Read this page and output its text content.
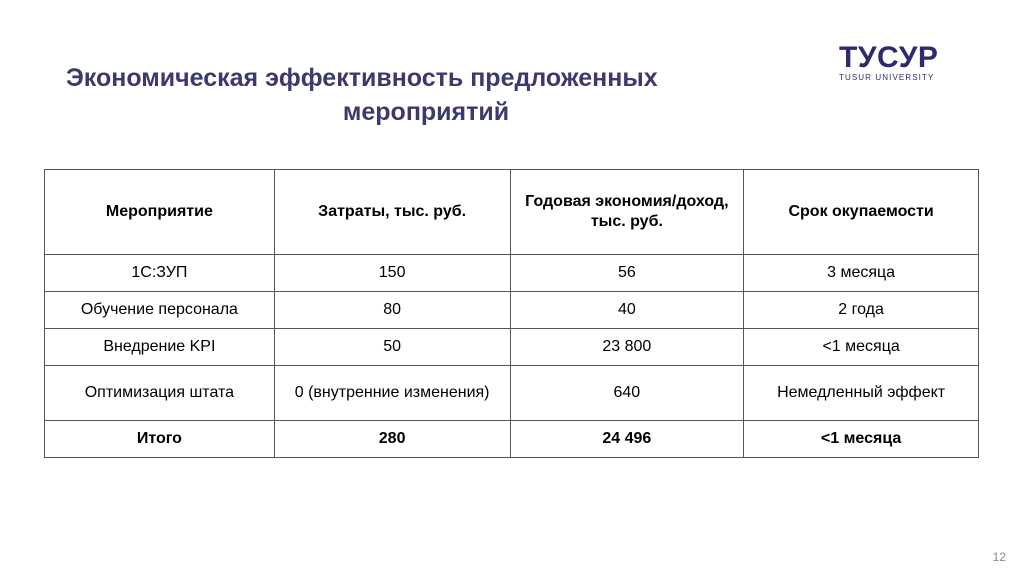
Экономическая эффективность предложенных
мероприятий
ТУСУР
TUSUR UNIVERSITY
Мероприятие	Затраты, тыс. руб.	Годовая экономия/доход, тыс. руб.	Срок окупаемости
1С:ЗУП	150	56	3 месяца
Обучение персонала	80	40	2 года
Внедрение KPI	50	23 800	<1 месяца
Оптимизация штата	0 (внутренние изменения)	640	Немедленный эффект
Итого	280	24 496	<1 месяца
12
